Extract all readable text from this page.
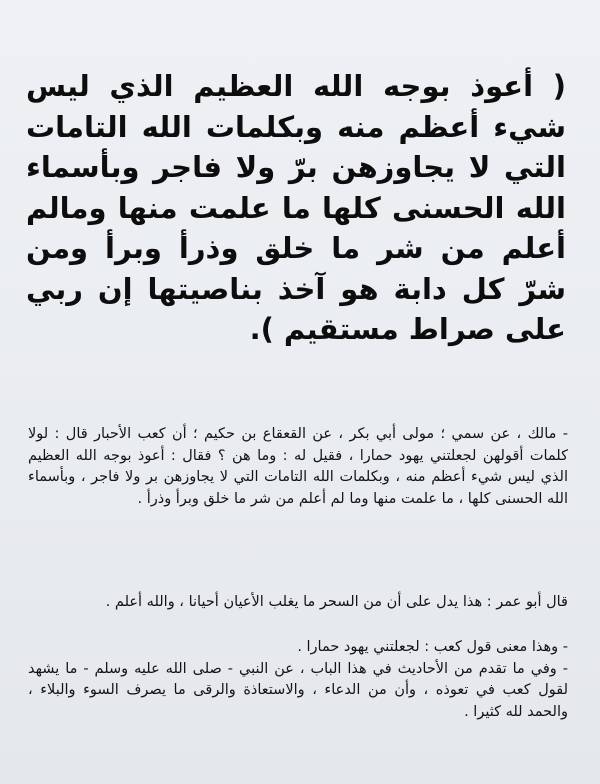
( أعوذ بوجه الله العظيم الذي ليس شيء أعظم منه وبكلمات الله التامات التي لا يجاوزهن برّ ولا فاجر وبأسماء الله الحسنى كلها ما علمت منها ومالم أعلم من شر ما خلق وذرأ وبرأ ومن شرّ كل دابة هو آخذ بناصيتها إن ربي على صراط مستقيم ).

- مالك ، عن سمي ؛ مولى أبي بكر ، عن القعقاع بن حكيم ؛ أن كعب الأحبار قال : لولا كلمات أقولهن لجعلتني يهود حمارا ، فقيل له : وما هن ؟ فقال : أعوذ بوجه الله العظيم الذي ليس شيء أعظم منه ، وبكلمات الله التامات التي لا يجاوزهن بر ولا فاجر ، وبأسماء الله الحسنى كلها ، ما علمت منها وما لم أعلم من شر ما خلق وبرأ وذرأ .

قال أبو عمر : هذا يدل على أن من السحر ما يغلب الأعيان أحيانا ، والله أعلم .

- وهذا معنى قول كعب : لجعلتني يهود حمارا .
- وفي ما تقدم من الأحاديث في هذا الباب ، عن النبي - صلى الله عليه وسلم - ما يشهد لقول كعب في تعوذه ، وأن من الدعاء ، والاستعاذة والرقى ما يصرف السوء والبلاء ، والحمد لله كثيرا .
